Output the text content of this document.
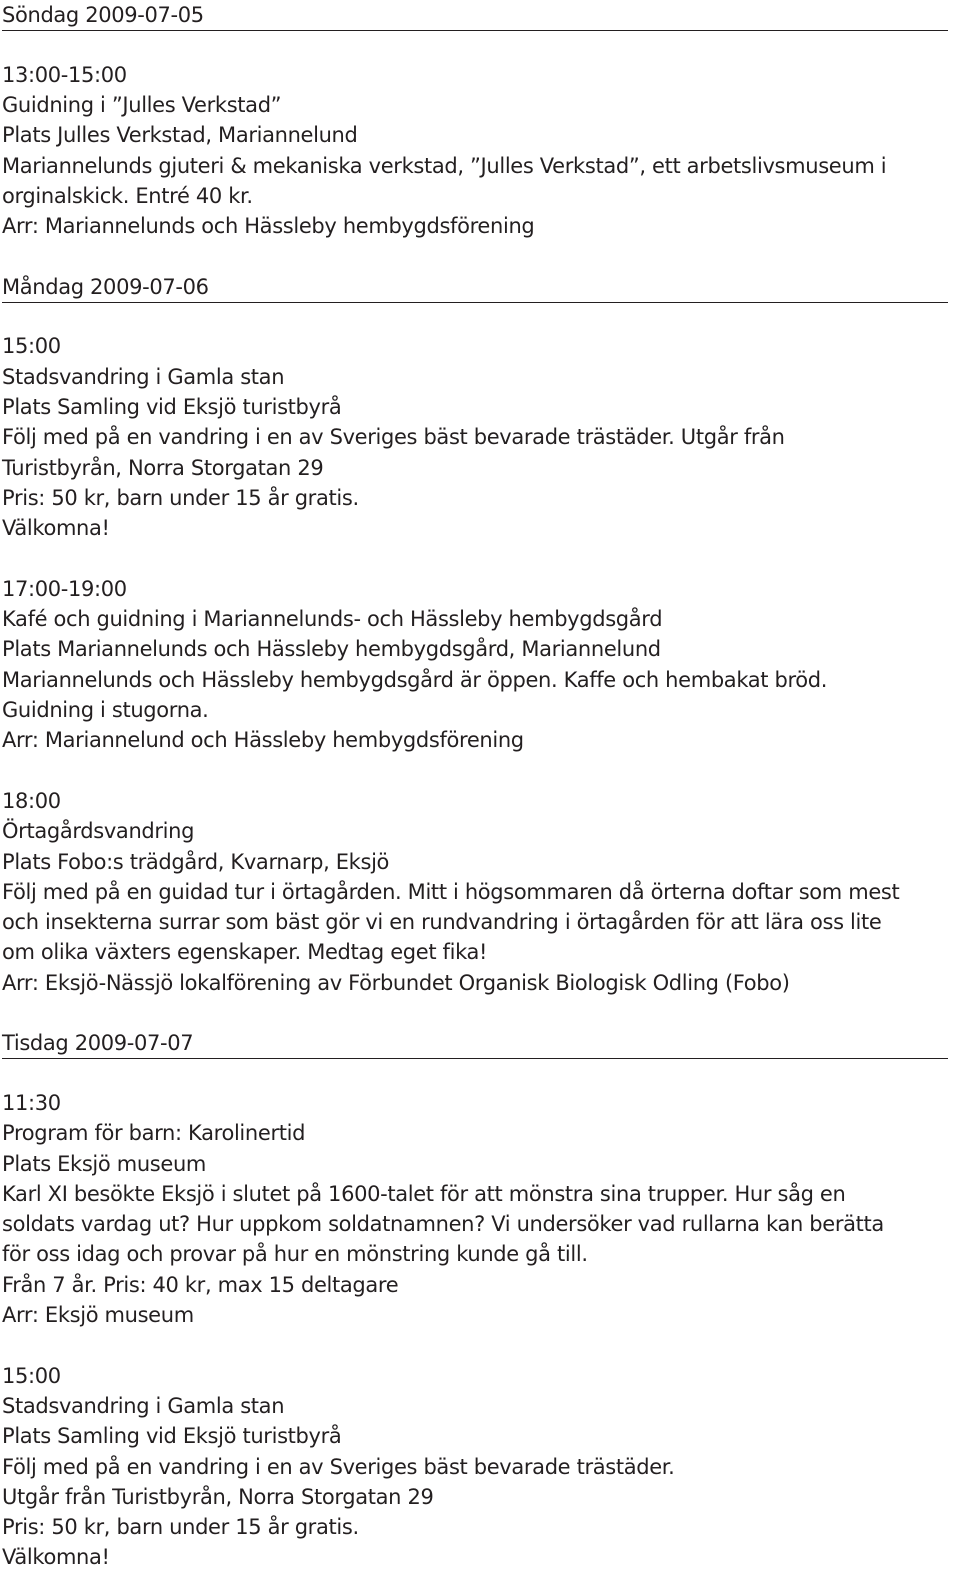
Söndag 2009-07-05
13:00-15:00
Guidning i ”Julles Verkstad”
Plats Julles Verkstad, Mariannelund
Mariannelunds gjuteri & mekaniska verkstad, ”Julles Verkstad”, ett arbetslivsmuseum i
orginalskick. Entré 40 kr.
Arr: Mariannelunds och Hässleby hembygdsförening
Måndag 2009-07-06
15:00
Stadsvandring i Gamla stan
Plats Samling vid Eksjö turistbyrå
Följ med på en vandring i en av Sveriges bäst bevarade trästäder. Utgår från
Turistbyrån, Norra Storgatan 29
Pris: 50 kr, barn under 15 år gratis.
Välkomna!
17:00-19:00
Kafé och guidning i Mariannelunds- och Hässleby hembygdsgård
Plats Mariannelunds och Hässleby hembygdsgård, Mariannelund
Mariannelunds och Hässleby hembygdsgård är öppen. Kaffe och hembakat bröd.
Guidning i stugorna.
Arr: Mariannelund och Hässleby hembygdsförening
18:00
Örtagårdsvandring
Plats Fobo:s trädgård, Kvarnarp, Eksjö
Följ med på en guidad tur i örtagården. Mitt i högsommaren då örterna doftar som mest
och insekterna surrar som bäst gör vi en rundvandring i örtagården för att lära oss lite
om olika växters egenskaper. Medtag eget fika!
Arr: Eksjö-Nässjö lokalförening av Förbundet Organisk Biologisk Odling (Fobo)
Tisdag 2009-07-07
11:30
Program för barn: Karolinertid
Plats Eksjö museum
Karl XI besökte Eksjö i slutet på 1600-talet för att mönstra sina trupper. Hur såg en
soldats vardag ut? Hur uppkom soldatnamnen? Vi undersöker vad rullarna kan berätta
för oss idag och provar på hur en mönstring kunde gå till.
Från 7 år. Pris: 40 kr, max 15 deltagare
Arr: Eksjö museum
15:00
Stadsvandring i Gamla stan
Plats Samling vid Eksjö turistbyrå
Följ med på en vandring i en av Sveriges bäst bevarade trästäder.
Utgår från Turistbyrån, Norra Storgatan 29
Pris: 50 kr, barn under 15 år gratis.
Välkomna!
